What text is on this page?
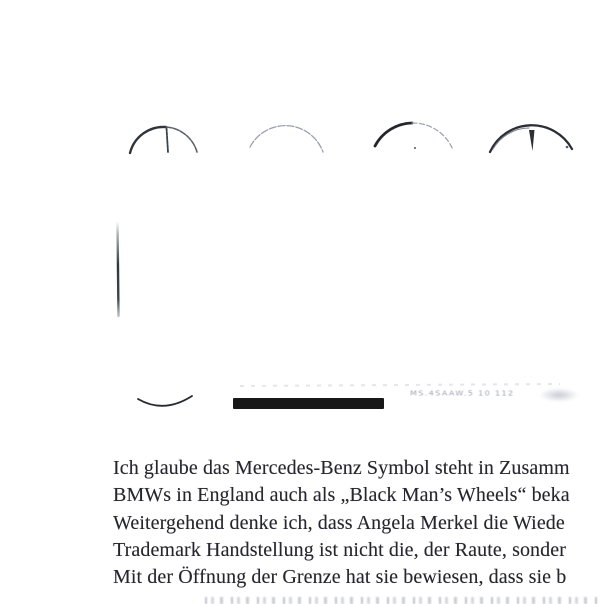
MS.4SAAW.5 10 112
Ich glaube das Mercedes-Benz Symbol steht in Zusamm
BMWs in England auch als „Black Man’s Wheels“ beka
Weitergehend denke ich, dass Angela Merkel die Wiede
Trademark Handstellung ist nicht die, der Raute, sonder
Mit der Öffnung der Grenze hat sie bewiesen, dass sie b
